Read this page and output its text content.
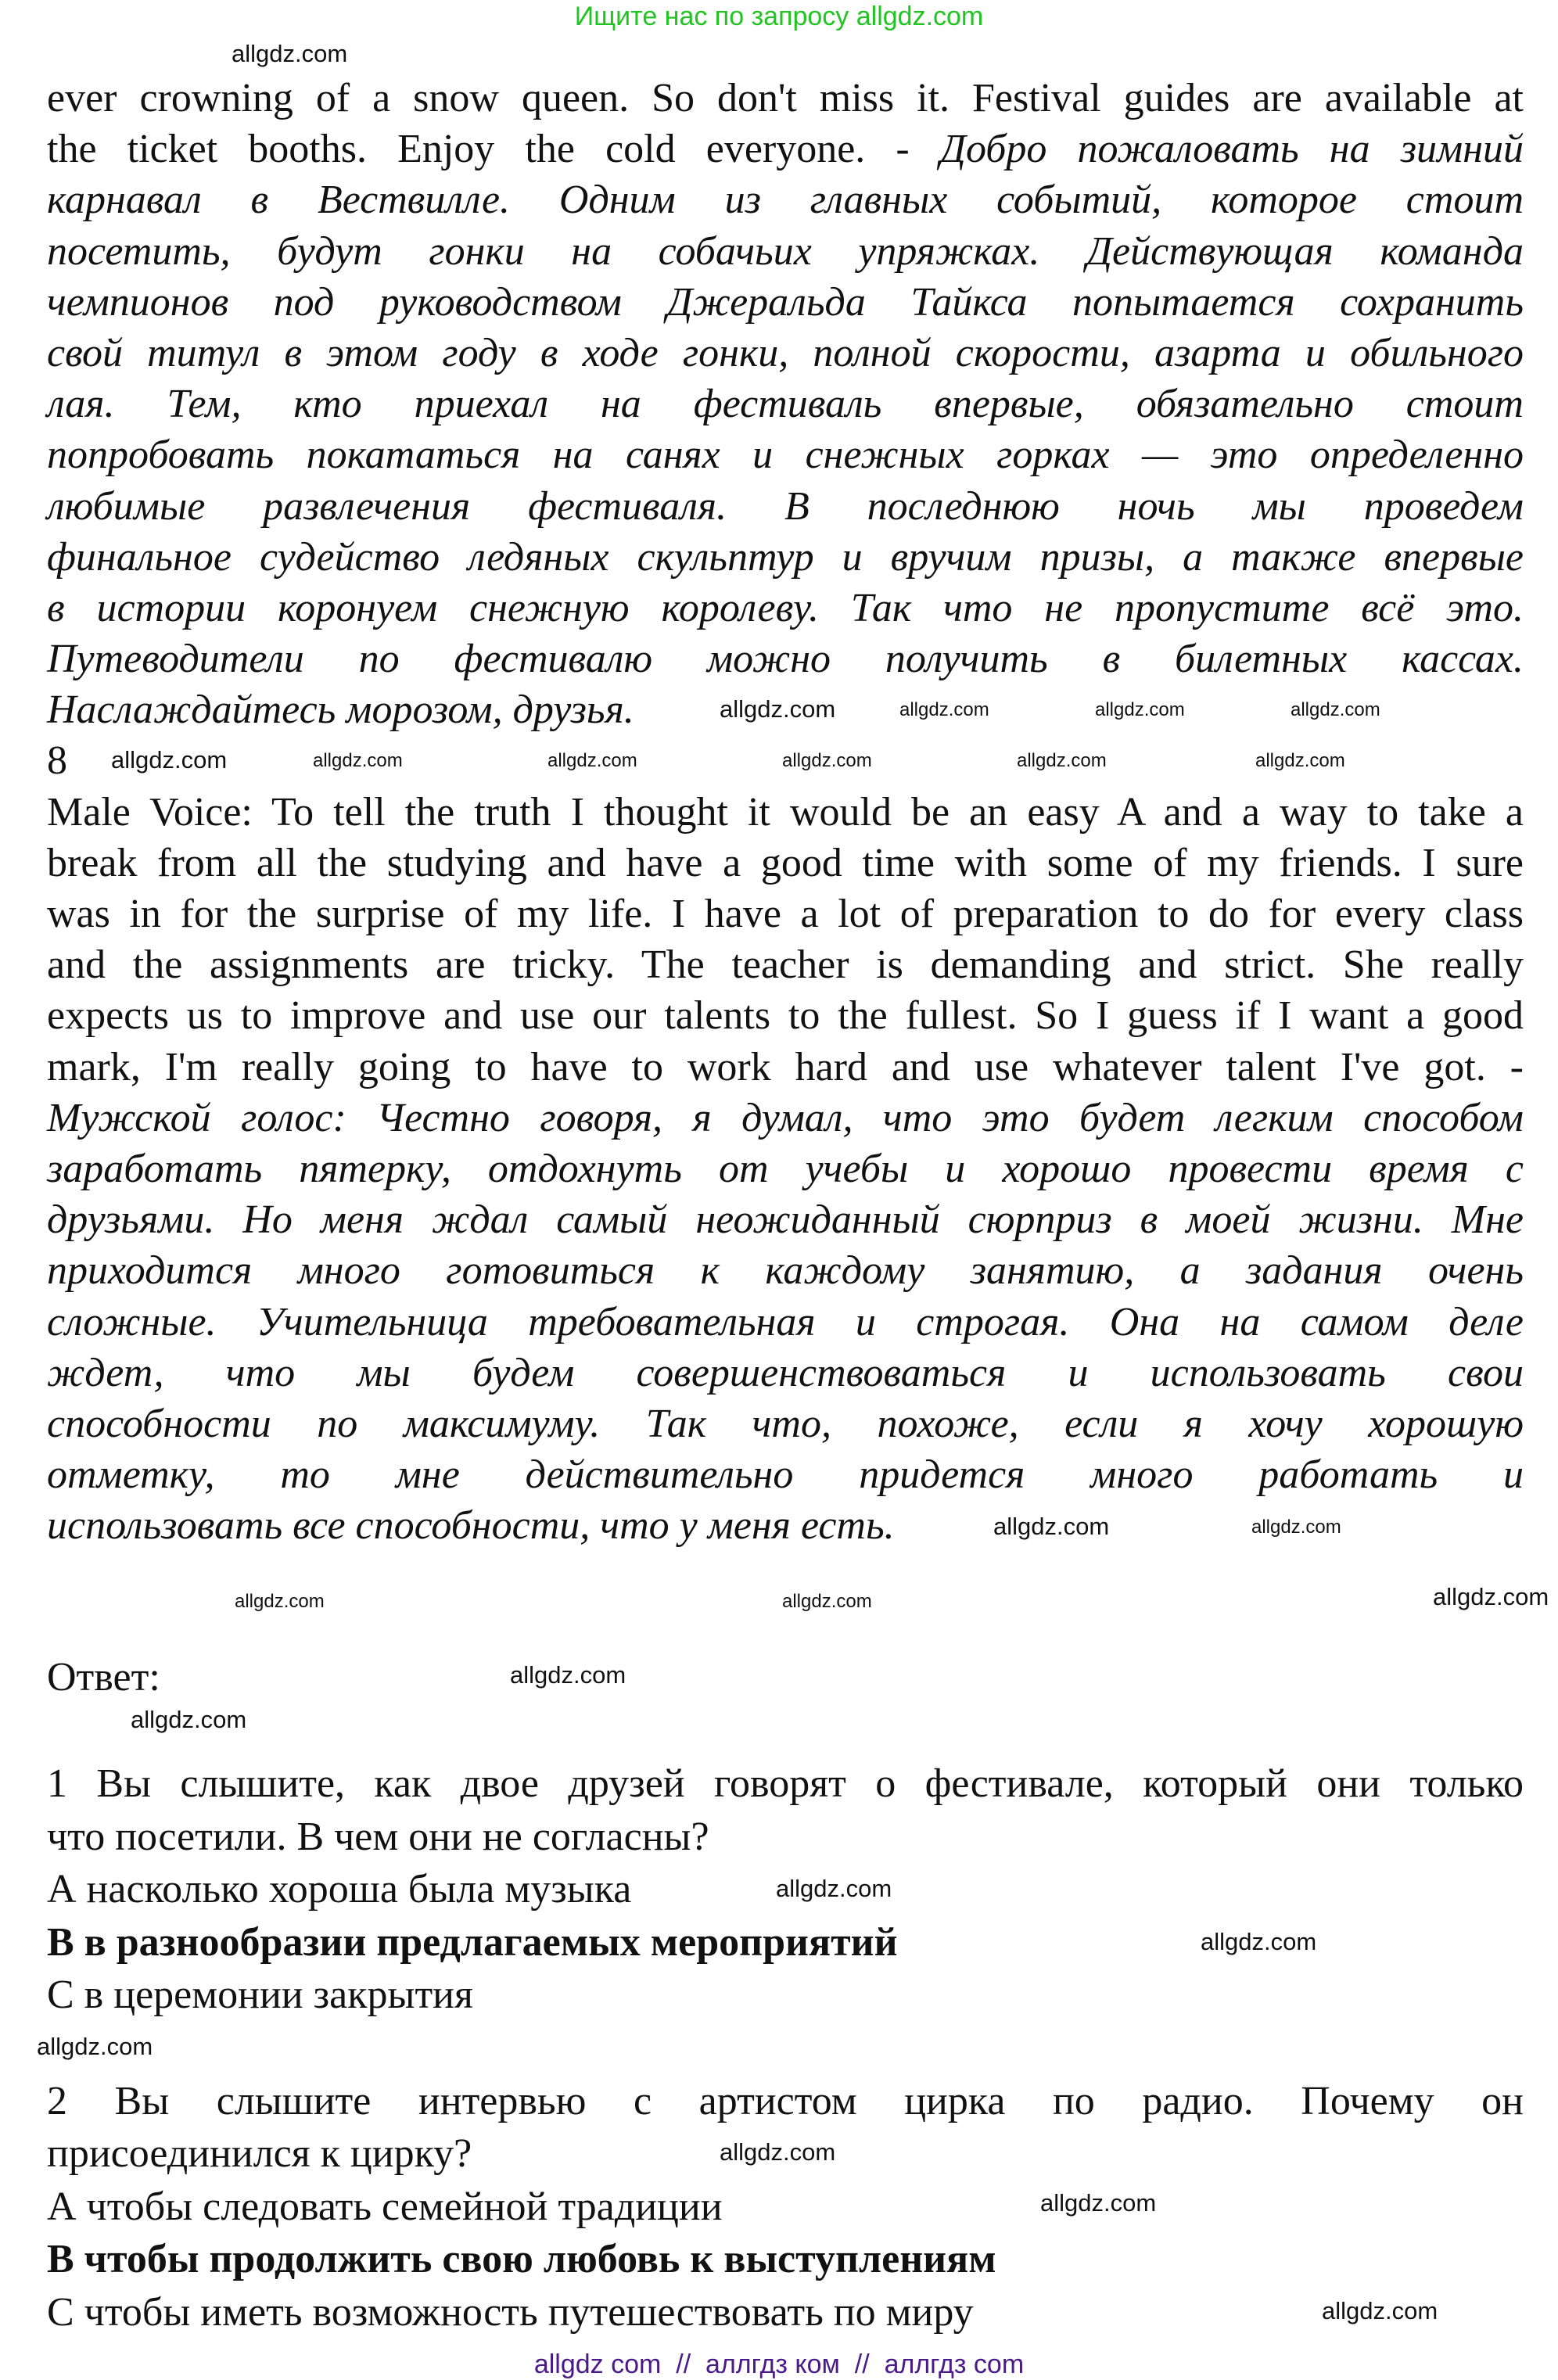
Ищите нас по запросу allgdz.com
ever crowning of a snow queen. So don't miss it. Festival guides are available at
the ticket booths. Enjoy the cold everyone. - Добро пожаловать на зимний
карнавал в Вествилле. Одним из главных событий, которое стоит
посетить, будут гонки на собачьих упряжках. Действующая команда
чемпионов под руководством Джеральда Тайкса попытается сохранить
свой титул в этом году в ходе гонки, полной скорости, азарта и обильного
лая. Тем, кто приехал на фестиваль впервые, обязательно стоит
попробовать покататься на санях и снежных горках — это определенно
любимые развлечения фестиваля. В последнюю ночь мы проведем
финальное судейство ледяных скульптур и вручим призы, а также впервые
в истории коронуем снежную королеву. Так что не пропустите всё это.
Путеводители по фестивалю можно получить в билетных кассах.
Наслаждайтесь морозом, друзья.
8
Male Voice: To tell the truth I thought it would be an easy A and a way to take a
break from all the studying and have a good time with some of my friends. I sure
was in for the surprise of my life. I have a lot of preparation to do for every class
and the assignments are tricky. The teacher is demanding and strict. She really
expects us to improve and use our talents to the fullest. So I guess if I want a good
mark, I'm really going to have to work hard and use whatever talent I've got. -
Мужской голос: Честно говоря, я думал, что это будет легким способом
заработать пятерку, отдохнуть от учебы и хорошо провести время с
друзьями. Но меня ждал самый неожиданный сюрприз в моей жизни. Мне
приходится много готовиться к каждому занятию, а задания очень
сложные. Учительница требовательная и строгая. Она на самом деле
ждет, что мы будем совершенствоваться и использовать свои
способности по максимуму. Так что, похоже, если я хочу хорошую
отметку, то мне действительно придется много работать и
использовать все способности, что у меня есть.
Ответ:
1 Вы слышите, как двое друзей говорят о фестивале, который они только
что посетили. В чем они не согласны?
А насколько хороша была музыка
В в разнообразии предлагаемых мероприятий
С в церемонии закрытия
2 Вы слышите интервью с артистом цирка по радио. Почему он
присоединился к цирку?
А чтобы следовать семейной традиции
В чтобы продолжить свою любовь к выступлениям
С чтобы иметь возможность путешествовать по миру
allgdz.com
allgdz.com	allgdz.com	allgdz.com
allgdz.com
allgdz.com	allgdz.com	allgdz.com	allgdz.com	allgdz.com	allgdz.com
allgdz.com	allgdz.com
allgdz.com	allgdz.com	allgdz.com
allgdz.com
allgdz.com
allgdz.com
allgdz.com
allgdz.com
allgdz.com
allgdz.com
allgdz.com
allgdz com  //  аллгдз ком  //  аллгдз com
